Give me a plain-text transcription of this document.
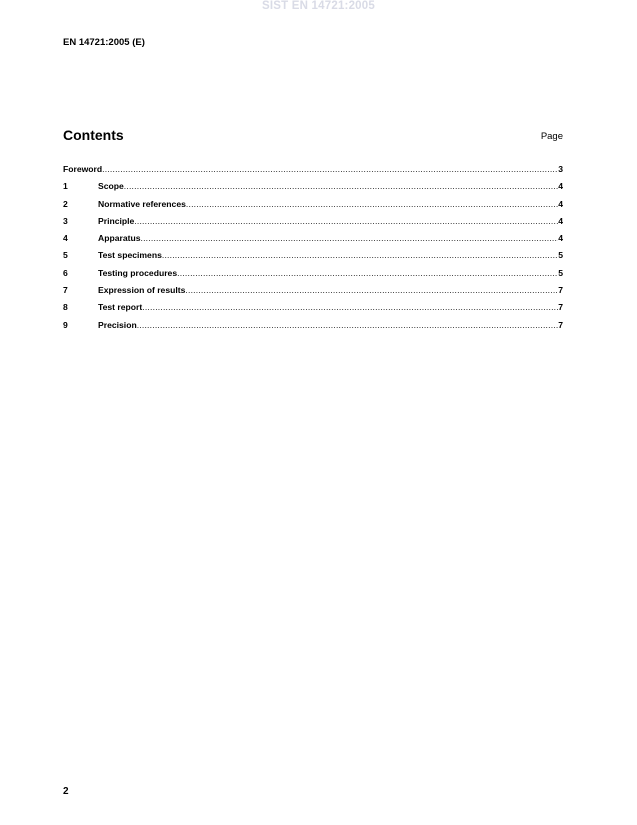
SIST EN 14721:2005
EN 14721:2005 (E)
Contents	Page
Foreword .....	3
1	Scope .....	4
2	Normative references .....	4
3	Principle .....	4
4	Apparatus .....	4
5	Test specimens .....	5
6	Testing procedures .....	5
7	Expression of results .....	7
8	Test report .....	7
9	Precision .....	7
2
